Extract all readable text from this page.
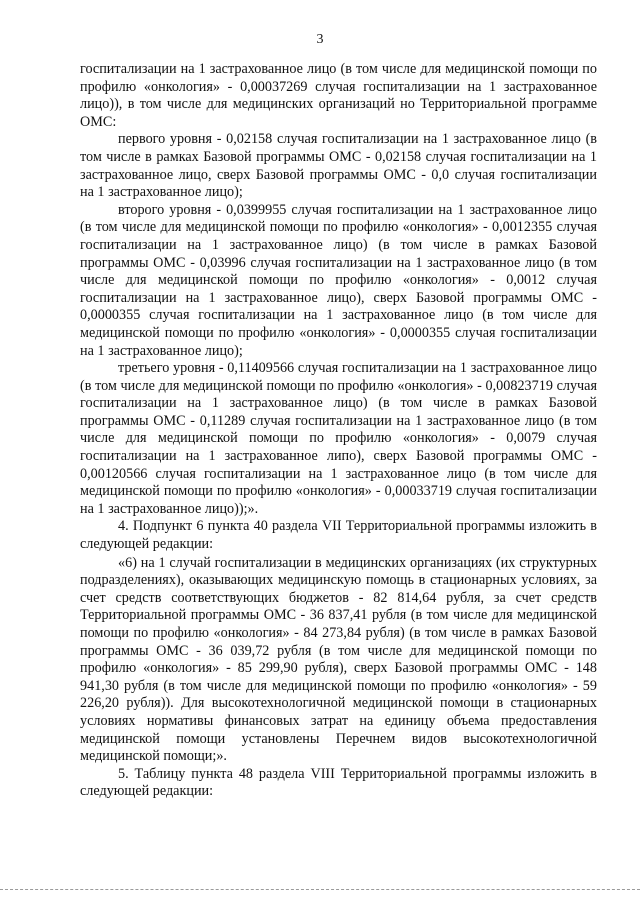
3

госпитализации на 1 застрахованное лицо (в том числе для медицинской помощи по профилю «онкология» - 0,00037269 случая госпитализации на 1 застрахованное лицо)), в том числе для медицинских организаций но Территориальной программе ОМС:

первого уровня - 0,02158 случая госпитализации на 1 застрахованное лицо (в том числе в рамках Базовой программы ОМС - 0,02158 случая госпитализации на 1 застрахованное лицо, сверх Базовой программы ОМС - 0,0 случая госпитализации на 1 застрахованное лицо);

второго уровня - 0,0399955 случая госпитализации на 1 застрахованное лицо (в том числе для медицинской помощи по профилю «онкология» - 0,0012355 случая госпитализации на 1 застрахованное лицо) (в том числе в рамках Базовой программы ОМС - 0,03996 случая госпитализации на 1 застрахованное лицо (в том числе для медицинской помощи по профилю «онкология» - 0,0012 случая госпитализации на 1 застрахованное лицо), сверх Базовой программы ОМС - 0,0000355 случая госпитализации на 1 застрахованное лицо (в том числе для медицинской помощи по профилю «онкология» - 0,0000355 случая госпитализации на 1 застрахованное лицо);

третьего уровня - 0,11409566 случая госпитализации на 1 застрахованное лицо (в том числе для медицинской помощи по профилю «онкология» - 0,00823719 случая госпитализации на 1 застрахованное лицо) (в том числе в рамках Базовой программы ОМС - 0,11289 случая госпитализации на 1 застрахованное лицо (в том числе для медицинской помощи по профилю «онкология» - 0,0079 случая госпитализации на 1 застрахованное липо), сверх Базовой программы ОМС - 0,00120566 случая госпитализации на 1 застрахованное лицо (в том числе для медицинской помощи по профилю «онкология» - 0,00033719 случая госпитализации на 1 застрахованное лицо));».

4. Подпункт 6 пункта 40 раздела VII Территориальной программы изложить в следующей редакции:

«6) на 1 случай госпитализации в медицинских организациях (их структурных подразделениях), оказывающих медицинскую помощь в стационарных условиях, за счет средств соответствующих бюджетов - 82 814,64 рубля, за счет средств Территориальной программы ОМС - 36 837,41 рубля (в том числе для медицинской помощи по профилю «онкология» - 84 273,84 рубля) (в том числе в рамках Базовой программы ОМС - 36 039,72 рубля (в том числе для медицинской помощи по профилю «онкология» - 85 299,90 рубля), сверх Базовой программы ОМС - 148 941,30 рубля (в том числе для медицинской помощи по профилю «онкология» - 59 226,20 рубля)). Для высокотехнологичной медицинской помощи в стационарных условиях нормативы финансовых затрат на единицу объема предоставления медицинской помощи установлены Перечнем видов высокотехнологичной медицинской помощи;».

5. Таблицу пункта 48 раздела VIII Территориальной программы изложить в следующей редакции:
